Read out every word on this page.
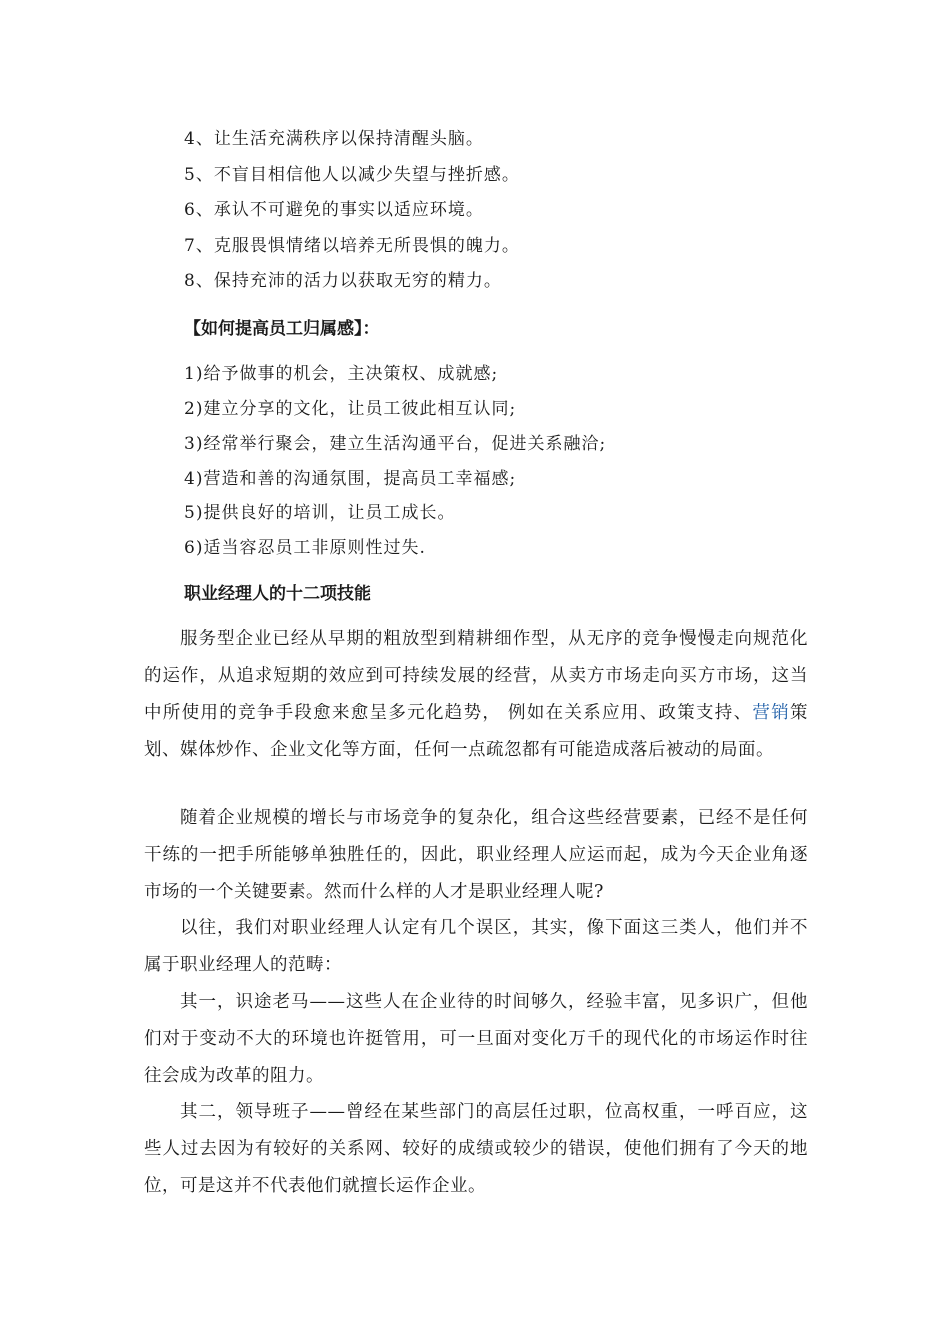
4、让生活充满秩序以保持清醒头脑。
5、不盲目相信他人以减少失望与挫折感。
6、承认不可避免的事实以适应环境。
7、克服畏惧情绪以培养无所畏惧的魄力。
8、保持充沛的活力以获取无穷的精力。
【如何提高员工归属感】：
1)给予做事的机会，主决策权、成就感;
2)建立分享的文化，让员工彼此相互认同;
3)经常举行聚会，建立生活沟通平台，促进关系融洽;
4)营造和善的沟通氛围，提高员工幸福感;
5)提供良好的培训，让员工成长。
6)适当容忍员工非原则性过失.
职业经理人的十二项技能
服务型企业已经从早期的粗放型到精耕细作型，从无序的竞争慢慢走向规范化的运作，从追求短期的效应到可持续发展的经营，从卖方市场走向买方市场，这当中所使用的竞争手段愈来愈呈多元化趋势， 例如在关系应用、政策支持、营销策划、媒体炒作、企业文化等方面，任何一点疏忽都有可能造成落后被动的局面。
随着企业规模的增长与市场竞争的复杂化，组合这些经营要素，已经不是任何干练的一把手所能够单独胜任的，因此，职业经理人应运而起，成为今天企业角逐市场的一个关键要素。然而什么样的人才是职业经理人呢?
以往，我们对职业经理人认定有几个误区，其实，像下面这三类人，他们并不属于职业经理人的范畴：
其一，识途老马——这些人在企业待的时间够久，经验丰富，见多识广，但他们对于变动不大的环境也许挺管用，可一旦面对变化万千的现代化的市场运作时往往会成为改革的阻力。
其二，领导班子——曾经在某些部门的高层任过职，位高权重，一呼百应，这些人过去因为有较好的关系网、较好的成绩或较少的错误，使他们拥有了今天的地位，可是这并不代表他们就擅长运作企业。
